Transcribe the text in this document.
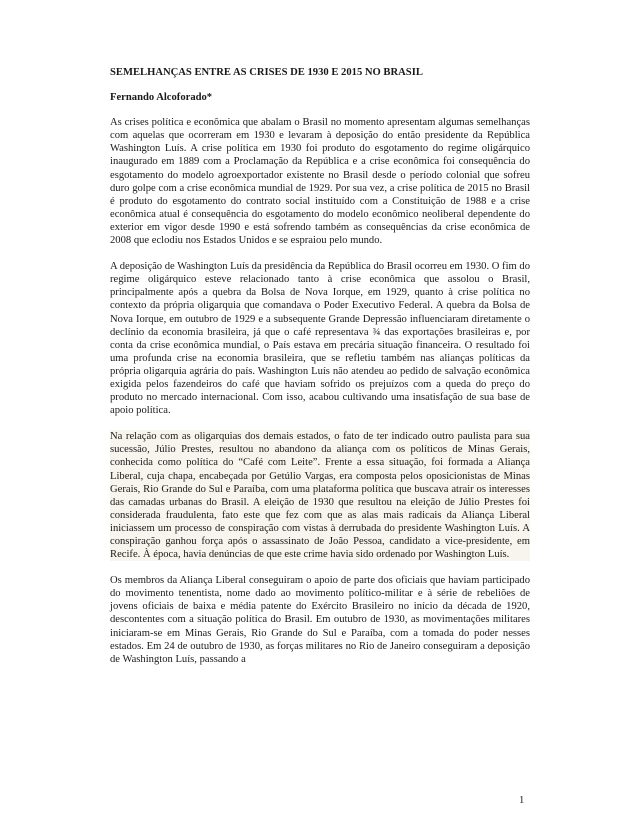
SEMELHANÇAS ENTRE AS CRISES DE 1930 E 2015 NO BRASIL
Fernando Alcoforado*

As crises política e econômica que abalam o Brasil no momento apresentam algumas semelhanças com aquelas que ocorreram em 1930 e levaram à deposição do então presidente da República Washington Luís. A crise política em 1930 foi produto do esgotamento do regime oligárquico inaugurado em 1889 com a Proclamação da República e a crise econômica foi consequência do esgotamento do modelo agroexportador existente no Brasil desde o período colonial que sofreu duro golpe com a crise econômica mundial de 1929. Por sua vez, a crise política de 2015 no Brasil é produto do esgotamento do contrato social instituído com a Constituição de 1988 e a crise econômica atual é consequência do esgotamento do modelo econômico neoliberal dependente do exterior em vigor desde 1990 e está sofrendo também as consequências da crise econômica de 2008 que eclodiu nos Estados Unidos e se espraiou pelo mundo.

A deposição de Washington Luís da presidência da República do Brasil ocorreu em 1930. O fim do regime oligárquico esteve relacionado tanto à crise econômica que assolou o Brasil, principalmente após a quebra da Bolsa de Nova Iorque, em 1929, quanto à crise política no contexto da própria oligarquia que comandava o Poder Executivo Federal. A quebra da Bolsa de Nova Iorque, em outubro de 1929 e a subsequente Grande Depressão influenciaram diretamente o declínio da economia brasileira, já que o café representava ¾ das exportações brasileiras e, por conta da crise econômica mundial, o País estava em precária situação financeira. O resultado foi uma profunda crise na economia brasileira, que se refletiu também nas alianças políticas da própria oligarquia agrária do país. Washington Luís não atendeu ao pedido de salvação econômica exigida pelos fazendeiros do café que haviam sofrido os prejuízos com a queda do preço do produto no mercado internacional. Com isso, acabou cultivando uma insatisfação de sua base de apoio política.

Na relação com as oligarquias dos demais estados, o fato de ter indicado outro paulista para sua sucessão, Júlio Prestes, resultou no abandono da aliança com os políticos de Minas Gerais, conhecida como política do “Café com Leite”. Frente a essa situação, foi formada a Aliança Liberal, cuja chapa, encabeçada por Getúlio Vargas, era composta pelos oposicionistas de Minas Gerais, Rio Grande do Sul e Paraíba, com uma plataforma política que buscava atrair os interesses das camadas urbanas do Brasil. A eleição de 1930 que resultou na eleição de Júlio Prestes foi considerada fraudulenta, fato este que fez com que as alas mais radicais da Aliança Liberal iniciassem um processo de conspiração com vistas à derrubada do presidente Washington Luís. A conspiração ganhou força após o assassinato de João Pessoa, candidato a vice-presidente, em Recife. À época, havia denúncias de que este crime havia sido ordenado por Washington Luís.

Os membros da Aliança Liberal conseguiram o apoio de parte dos oficiais que haviam participado do movimento tenentista, nome dado ao movimento político-militar e à série de rebeliões de jovens oficiais de baixa e média patente do Exército Brasileiro no início da década de 1920, descontentes com a situação política do Brasil. Em outubro de 1930, as movimentações militares iniciaram-se em Minas Gerais, Rio Grande do Sul e Paraíba, com a tomada do poder nesses estados. Em 24 de outubro de 1930, as forças militares no Rio de Janeiro conseguiram a deposição de Washington Luís, passando a

1
